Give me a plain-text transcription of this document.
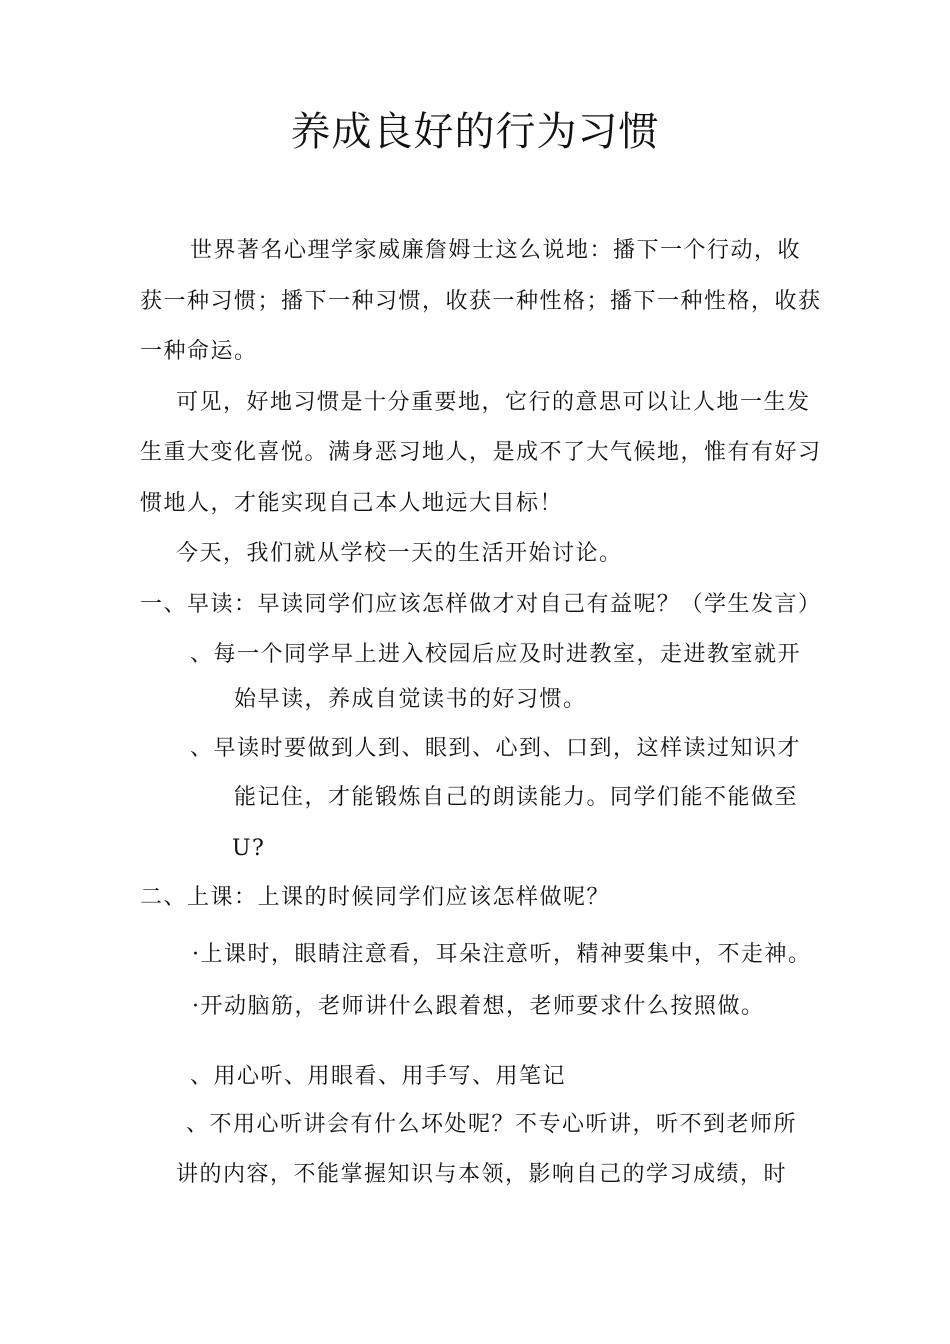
养成良好的行为习惯
世界著名心理学家威廉詹姆士这么说地：播下一个行动，收
获一种习惯；播下一种习惯，收获一种性格；播下一种性格，收获
一种命运。
可见，好地习惯是十分重要地，它行的意思可以让人地一生发
生重大变化喜悦。满身恶习地人，是成不了大气候地，惟有有好习
惯地人，才能实现自己本人地远大目标！
今天，我们就从学校一天的生活开始讨论。
一、早读：早读同学们应该怎样做才对自己有益呢？（学生发言）
、每一个同学早上进入校园后应及时进教室，走进教室就开
始早读，养成自觉读书的好习惯。
、早读时要做到人到、眼到、心到、口到，这样读过知识才
能记住，才能锻炼自己的朗读能力。同学们能不能做至
U?
二、上课：上课的时候同学们应该怎样做呢？
·上课时，眼睛注意看，耳朵注意听，精神要集中，不走神。
·开动脑筋，老师讲什么跟着想，老师要求什么按照做。
、用心听、用眼看、用手写、用笔记
、不用心听讲会有什么坏处呢？不专心听讲，听不到老师所
讲的内容，不能掌握知识与本领，影响自己的学习成绩，时
